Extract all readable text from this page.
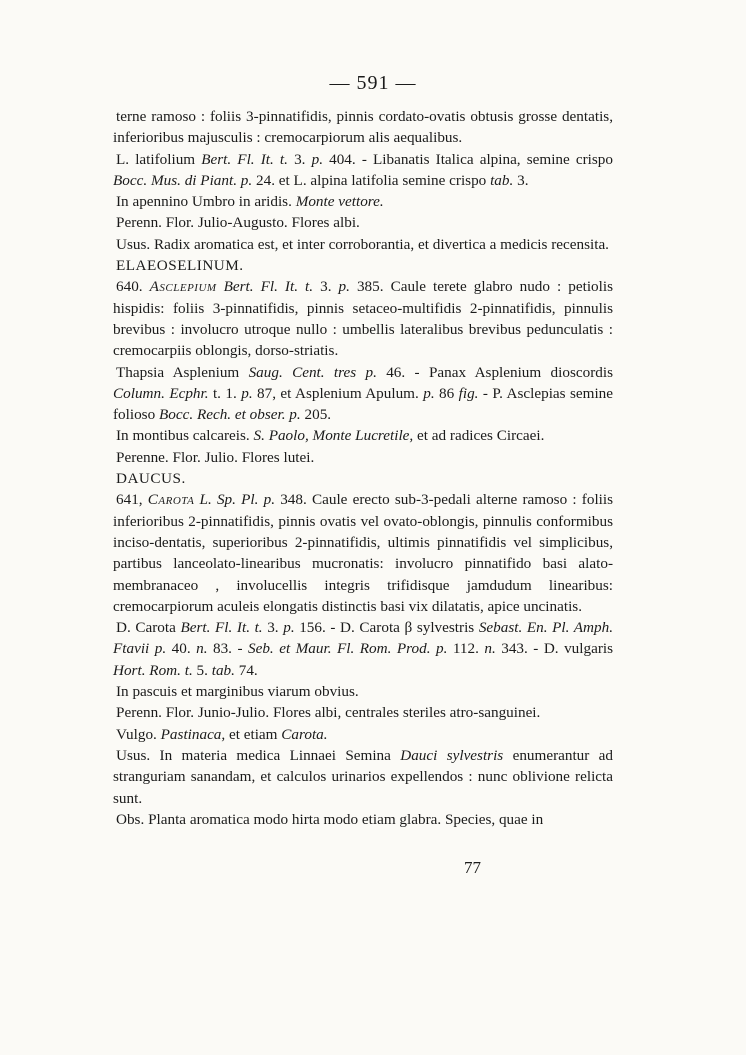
— 591 —

terne ramoso : foliis 3-pinnatifidis, pinnis cordato-ovatis obtusis grosse dentatis, inferioribus majusculis : cremocarpiorum alis aequalibus.

L. latifolium Bert. Fl. It. t. 3. p. 404. - Libanatis Italica alpina, semine crispo Bocc. Mus. di Piant. p. 24. et L. alpina latifolia semine crispo tab. 3.

In apennino Umbro in aridis. Monte vettore.

Perenn. Flor. Julio-Augusto. Flores albi.

Usus. Radix aromatica est, et inter corroborantia, et divertica a medicis recensita.

ELAEOSELINUM.

640. Asclepium Bert. Fl. It. t. 3. p. 385. Caule terete glabro nudo : petiolis hispidis: foliis 3-pinnatifidis, pinnis setaceo-multifidis 2-pinnatifidis, pinnulis brevibus : involucro utroque nullo : umbellis lateralibus brevibus pedunculatis : cremocarpiis oblongis, dorso-striatis.

Thapsia Asplenium Saug. Cent. tres p. 46. - Panax Asplenium dioscordis Column. Ecphr. t. 1. p. 87, et Asplenium Apulum. p. 86 fig. - P. Asclepias semine folioso Bocc. Rech. et obser. p. 205.

In montibus calcareis. S. Paolo, Monte Lucretile, et ad radices Circaei.

Perenne. Flor. Julio. Flores lutei.

DAUCUS.

641, Carota L. Sp. Pl. p. 348. Caule erecto sub-3-pedali alterne ramoso : foliis inferioribus 2-pinnatifidis, pinnis ovatis vel ovato-oblongis, pinnulis conformibus inciso-dentatis, superioribus 2-pinnatifidis, ultimis pinnatifidis vel simplicibus, partibus lanceolato-linearibus mucronatis: involucro pinnatifido basi alato-membranaceo , involucellis integris trifidisque jamdudum linearibus: cremocarpiorum aculeis elongatis distinctis basi vix dilatatis, apice uncinatis.

D. Carota Bert. Fl. It. t. 3. p. 156. - D. Carota β sylvestris Sebast. En. Pl. Amph. Ftavii p. 40. n. 83. - Seb. et Maur. Fl. Rom. Prod. p. 112. n. 343. - D. vulgaris Hort. Rom. t. 5. tab. 74.

In pascuis et marginibus viarum obvius.

Perenn. Flor. Junio-Julio. Flores albi, centrales steriles atro-sanguinei.

Vulgo. Pastinaca, et etiam Carota.

Usus. In materia medica Linnaei Semina Dauci sylvestris enumerantur ad stranguriam sanandam, et calculos urinarios expellendos : nunc oblivione relicta sunt.

Obs. Planta aromatica modo hirta modo etiam glabra. Species, quae in

77
